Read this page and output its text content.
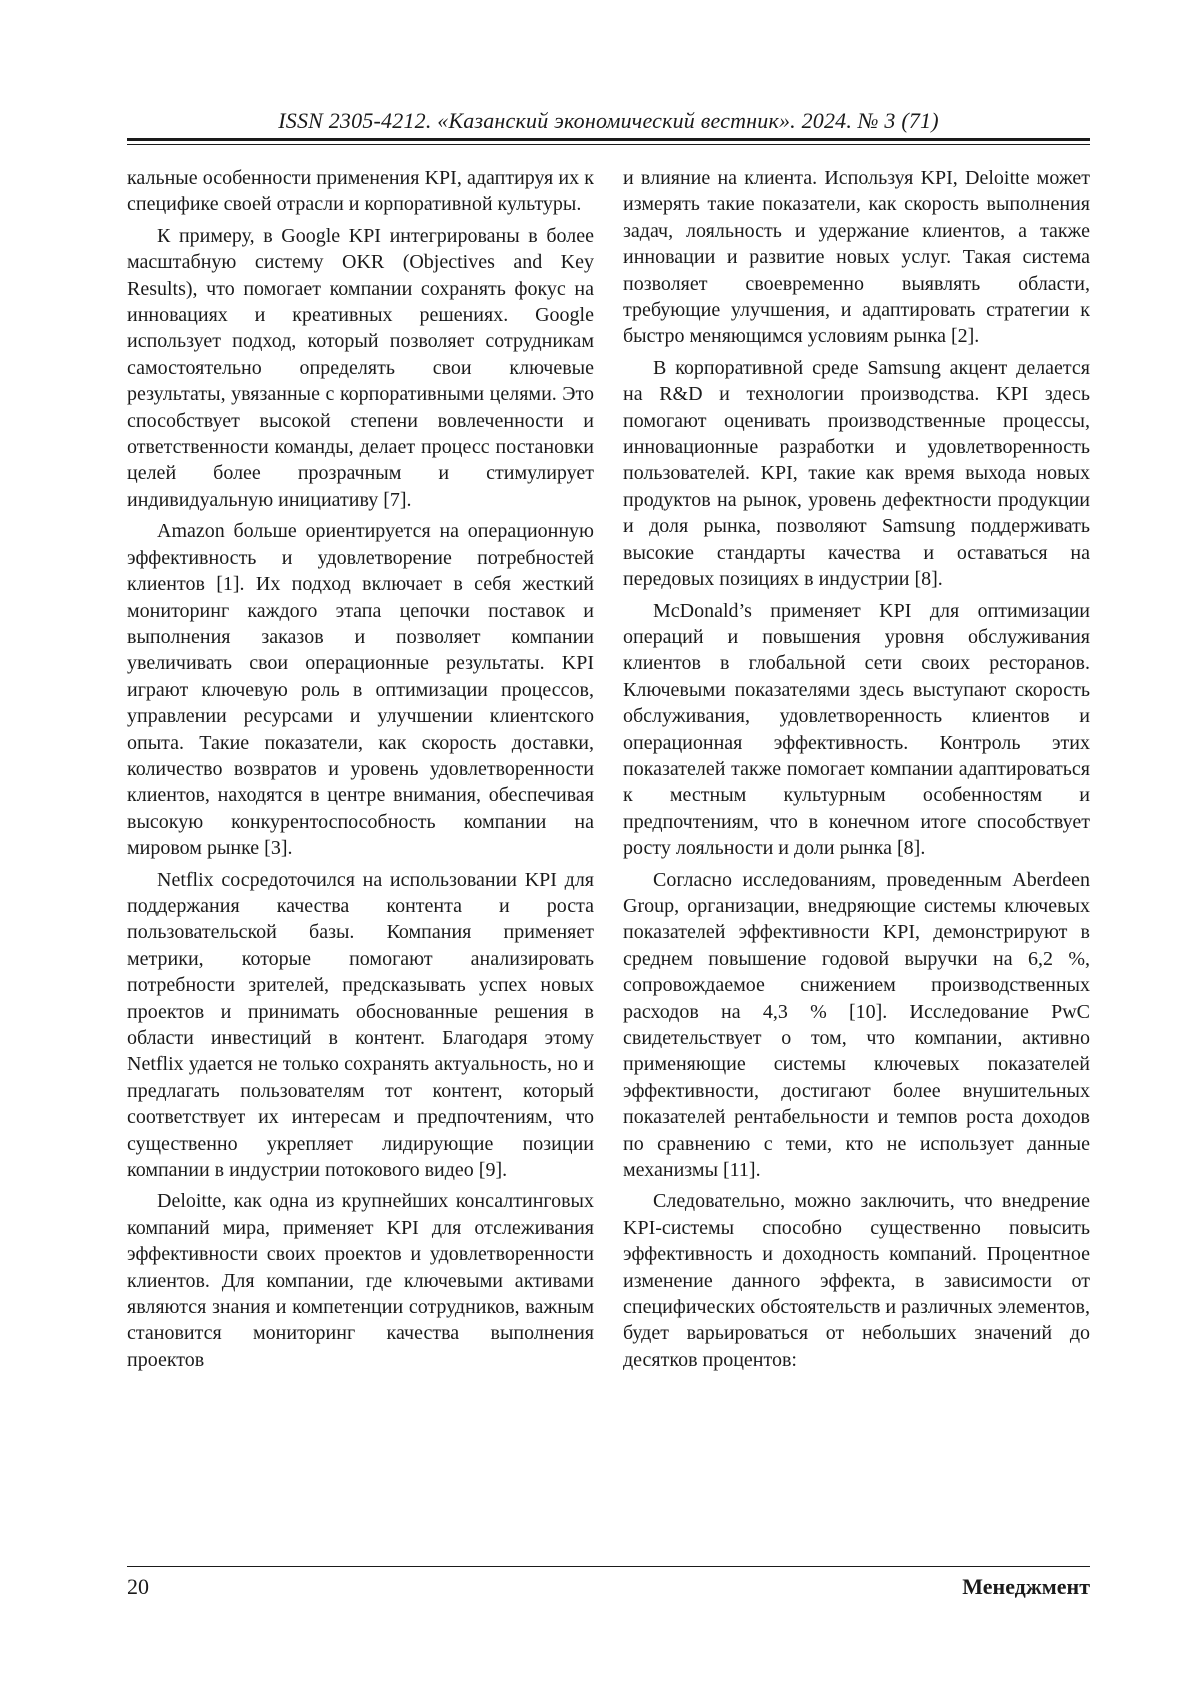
ISSN 2305-4212. «Казанский экономический вестник». 2024. № 3 (71)

кальные особенности применения KPI, адаптируя их к специфике своей отрасли и корпоративной культуры.

К примеру, в Google KPI интегрированы в более масштабную систему OKR (Objectives and Key Results), что помогает компании сохранять фокус на инновациях и креативных решениях. Google использует подход, который позволяет сотрудникам самостоятельно определять свои ключевые результаты, увязанные с корпоративными целями. Это способствует высокой степени вовлеченности и ответственности команды, делает процесс постановки целей более прозрачным и стимулирует индивидуальную инициативу [7].

Amazon больше ориентируется на операционную эффективность и удовлетворение потребностей клиентов [1]. Их подход включает в себя жесткий мониторинг каждого этапа цепочки поставок и выполнения заказов и позволяет компании увеличивать свои операционные результаты. KPI играют ключевую роль в оптимизации процессов, управлении ресурсами и улучшении клиентского опыта. Такие показатели, как скорость доставки, количество возвратов и уровень удовлетворенности клиентов, находятся в центре внимания, обеспечивая высокую конкурентоспособность компании на мировом рынке [3].

Netflix сосредоточился на использовании KPI для поддержания качества контента и роста пользовательской базы. Компания применяет метрики, которые помогают анализировать потребности зрителей, предсказывать успех новых проектов и принимать обоснованные решения в области инвестиций в контент. Благодаря этому Netflix удается не только сохранять актуальность, но и предлагать пользователям тот контент, который соответствует их интересам и предпочтениям, что существенно укрепляет лидирующие позиции компании в индустрии потокового видео [9].

Deloitte, как одна из крупнейших консалтинговых компаний мира, применяет KPI для отслеживания эффективности своих проектов и удовлетворенности клиентов. Для компании, где ключевыми активами являются знания и компетенции сотрудников, важным становится мониторинг качества выполнения проектов

и влияние на клиента. Используя KPI, Deloitte может измерять такие показатели, как скорость выполнения задач, лояльность и удержание клиентов, а также инновации и развитие новых услуг. Такая система позволяет своевременно выявлять области, требующие улучшения, и адаптировать стратегии к быстро меняющимся условиям рынка [2].

В корпоративной среде Samsung акцент делается на R&D и технологии производства. KPI здесь помогают оценивать производственные процессы, инновационные разработки и удовлетворенность пользователей. KPI, такие как время выхода новых продуктов на рынок, уровень дефектности продукции и доля рынка, позволяют Samsung поддерживать высокие стандарты качества и оставаться на передовых позициях в индустрии [8].

McDonald’s применяет KPI для оптимизации операций и повышения уровня обслуживания клиентов в глобальной сети своих ресторанов. Ключевыми показателями здесь выступают скорость обслуживания, удовлетворенность клиентов и операционная эффективность. Контроль этих показателей также помогает компании адаптироваться к местным культурным особенностям и предпочтениям, что в конечном итоге способствует росту лояльности и доли рынка [8].

Согласно исследованиям, проведенным Aberdeen Group, организации, внедряющие системы ключевых показателей эффективности KPI, демонстрируют в среднем повышение годовой выручки на 6,2 %, сопровождаемое снижением производственных расходов на 4,3 % [10]. Исследование PwC свидетельствует о том, что компании, активно применяющие системы ключевых показателей эффективности, достигают более внушительных показателей рентабельности и темпов роста доходов по сравнению с теми, кто не использует данные механизмы [11].

Следовательно, можно заключить, что внедрение KPI-системы способно существенно повысить эффективность и доходность компаний. Процентное изменение данного эффекта, в зависимости от специфических обстоятельств и различных элементов, будет варьироваться от небольших значений до десятков процентов:

20	Менеджмент
